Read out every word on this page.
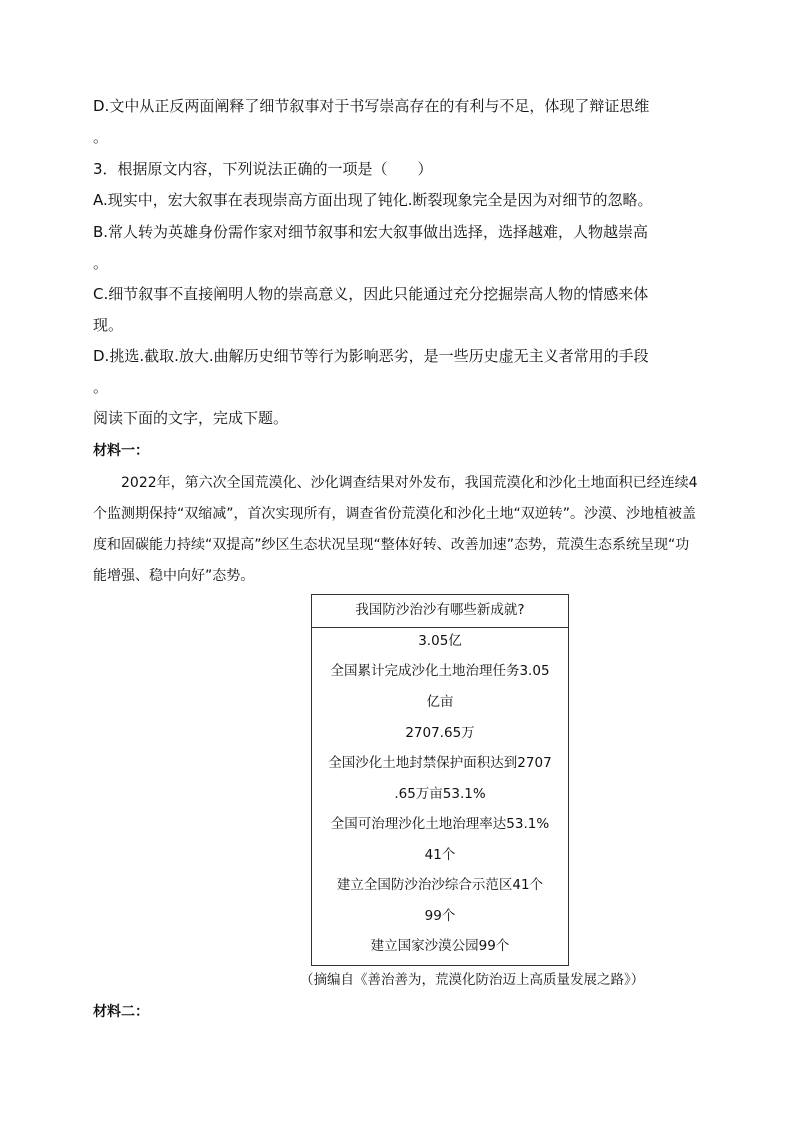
D.文中从正反两面阐释了细节叙事对于书写崇高存在的有利与不足，体现了辩证思维
。
3．根据原文内容，下列说法正确的一项是（　　）
A.现实中，宏大叙事在表现崇高方面出现了钝化.断裂现象完全是因为对细节的忽略。
B.常人转为英雄身份需作家对细节叙事和宏大叙事做出选择，选择越难，人物越崇高
。
C.细节叙事不直接阐明人物的崇高意义，因此只能通过充分挖掘崇高人物的情感来体
现。
D.挑选.截取.放大.曲解历史细节等行为影响恶劣，是一些历史虚无主义者常用的手段
。
阅读下面的文字，完成下题。
材料一：
2022年，第六次全国荒漠化、沙化调查结果对外发布，我国荒漠化和沙化土地面积已经连续4个监测期保持“双缩减”，首次实现所有，调查省份荒漠化和沙化土地“双逆转”。沙漠、沙地植被盖度和固碳能力持续“双提高”纱区生态状况呈现“整体好转、改善加速”态势，荒漠生态系统呈现“功能增强、稳中向好”态势。
我国防沙治沙有哪些新成就?
3.05亿
全国累计完成沙化土地治理任务3.05
亿亩
2707.65万
全国沙化土地封禁保护面积达到2707
.65万亩53.1%
全国可治理沙化土地治理率达53.1%
41个
建立全国防沙治沙综合示范区41个
99个
建立国家沙漠公园99个
（摘编自《善治善为，荒漠化防治迈上高质量发展之路》）
材料二：
